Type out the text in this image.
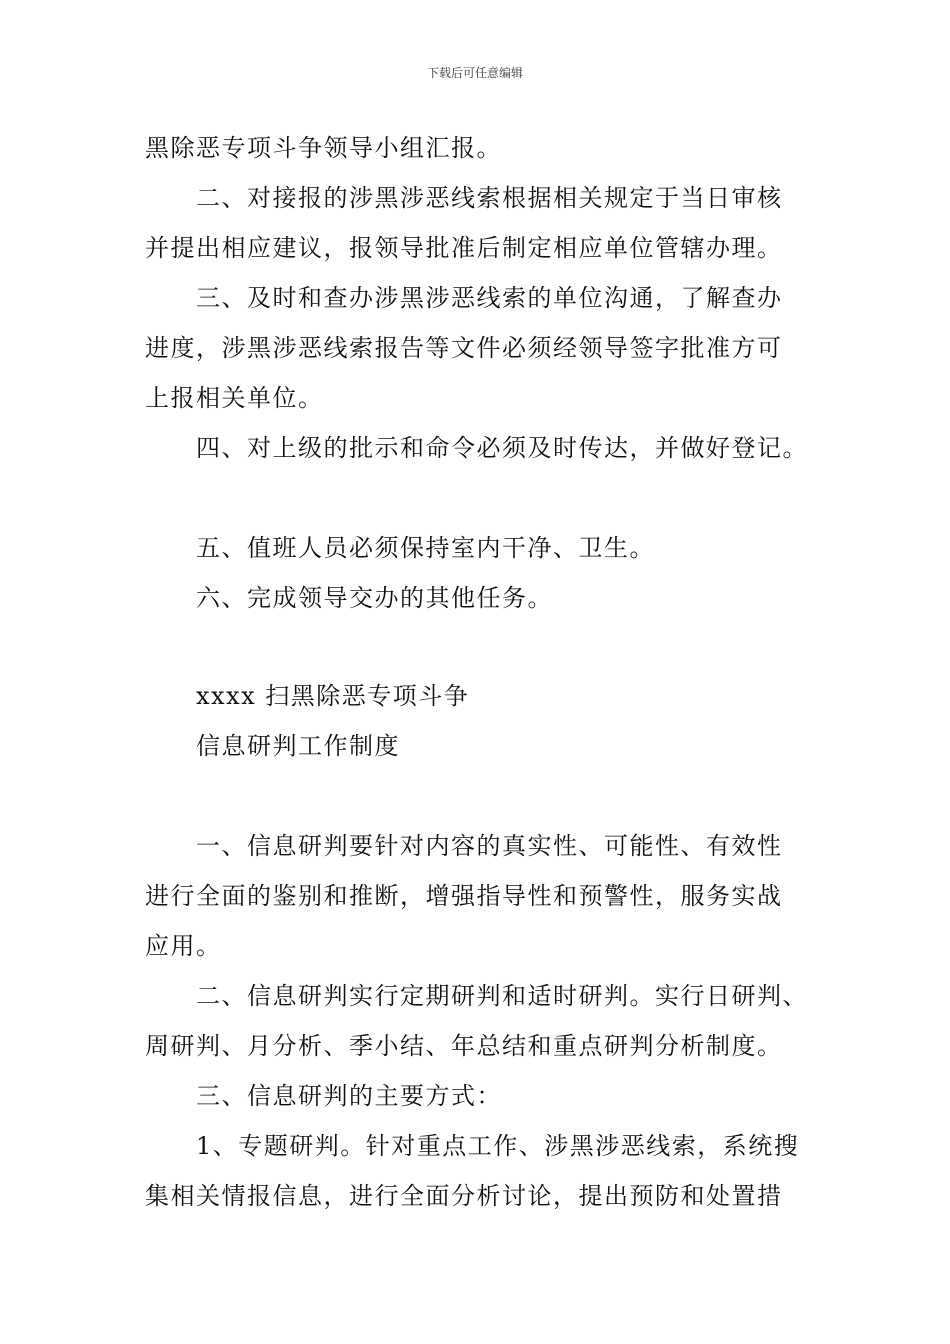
下载后可任意编辑
黑除恶专项斗争领导小组汇报。
二、对接报的涉黑涉恶线索根据相关规定于当日审核
并提出相应建议，报领导批准后制定相应单位管辖办理。
三、及时和查办涉黑涉恶线索的单位沟通，了解查办
进度，涉黑涉恶线索报告等文件必须经领导签字批准方可
上报相关单位。
四、对上级的批示和命令必须及时传达，并做好登记。
五、值班人员必须保持室内干净、卫生。
六、完成领导交办的其他任务。
xxxx 扫黑除恶专项斗争
信息研判工作制度
一、信息研判要针对内容的真实性、可能性、有效性
进行全面的鉴别和推断，增强指导性和预警性，服务实战
应用。
二、信息研判实行定期研判和适时研判。实行日研判、
周研判、月分析、季小结、年总结和重点研判分析制度。
三、信息研判的主要方式：
1、专题研判。针对重点工作、涉黑涉恶线索，系统搜
集相关情报信息，进行全面分析讨论，提出预防和处置措
